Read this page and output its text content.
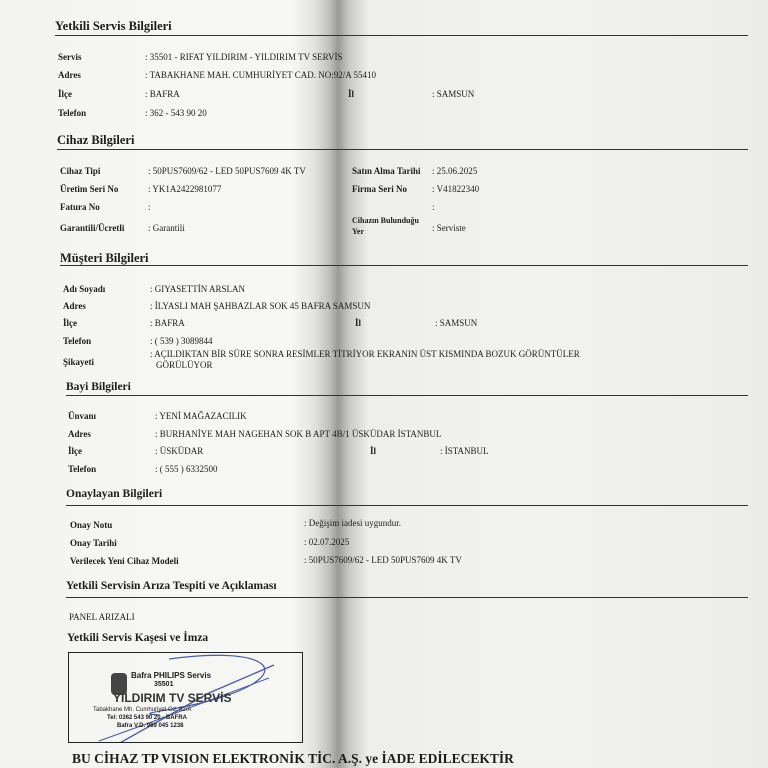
Yetkili Servis Bilgileri
Servis	: 35501 - RIFAT YILDIRIM - YILDIRIM TV SERVİS
Adres	: TABAKHANE MAH. CUMHURİYET CAD. NO:92/A 55410
İlçe	: BAFRA	İl	: SAMSUN
Telefon	: 362 - 543 90 20
Cihaz Bilgileri
Cihaz Tipi	: 50PUS7609/62 - LED 50PUS7609 4K TV	Satın Alma Tarihi : 25.06.2025
Üretim Seri No	: YK1A2422981077	Firma Seri No	: V41822340
Fatura No	:	:
Garantili/Ücretli	: Garantili
Cihazın Bulunduğu
Yer	: Serviste
Müşteri Bilgileri
Adı Soyadı	: GIYASETTİN ARSLAN
Adres	: İLYASLI MAH ŞAHBAZLAR SOK 45 BAFRA SAMSUN
İlçe	: BAFRA	İl	: SAMSUN
Telefon	: ( 539 ) 3089844
Şikayeti
: AÇILDIKTAN BİR SÜRE SONRA RESİMLER TİTRİYOR EKRANIN ÜST KISMINDA BOZUK GÖRÜNTÜLER
GÖRÜLÜYOR
Bayi Bilgileri
Ünvanı	: YENİ MAĞAZACILIK
Adres	: BURHANİYE MAH NAGEHAN SOK B APT 4B/1 ÜSKÜDAR İSTANBUL
İlçe	: ÜSKÜDAR	İl	: İSTANBUL
Telefon	: ( 555 ) 6332500
Onaylayan Bilgileri
Onay Notu	: Değişim iadesi uygundur.
Onay Tarihi	: 02.07.2025
Verilecek Yeni Cihaz Modeli	: 50PUS7609/62 - LED 50PUS7609 4K TV
Yetkili Servisin Arıza Tespiti ve Açıklaması
PANEL ARIZALI
Yetkili Servis Kaşesi ve İmza
Bafra PHILIPS Servis
35501
YILDIRIM TV SERVİS
Tabakhane Mh. Cumhuriyet Cd. 92/A
Tel: 0362 543 90 20 - BAFRA
Bafra V.D. 969 045 1238
BU CİHAZ TP VISION ELEKTRONİK TİC. A.Ş. ye İADE EDİLECEKTİR
